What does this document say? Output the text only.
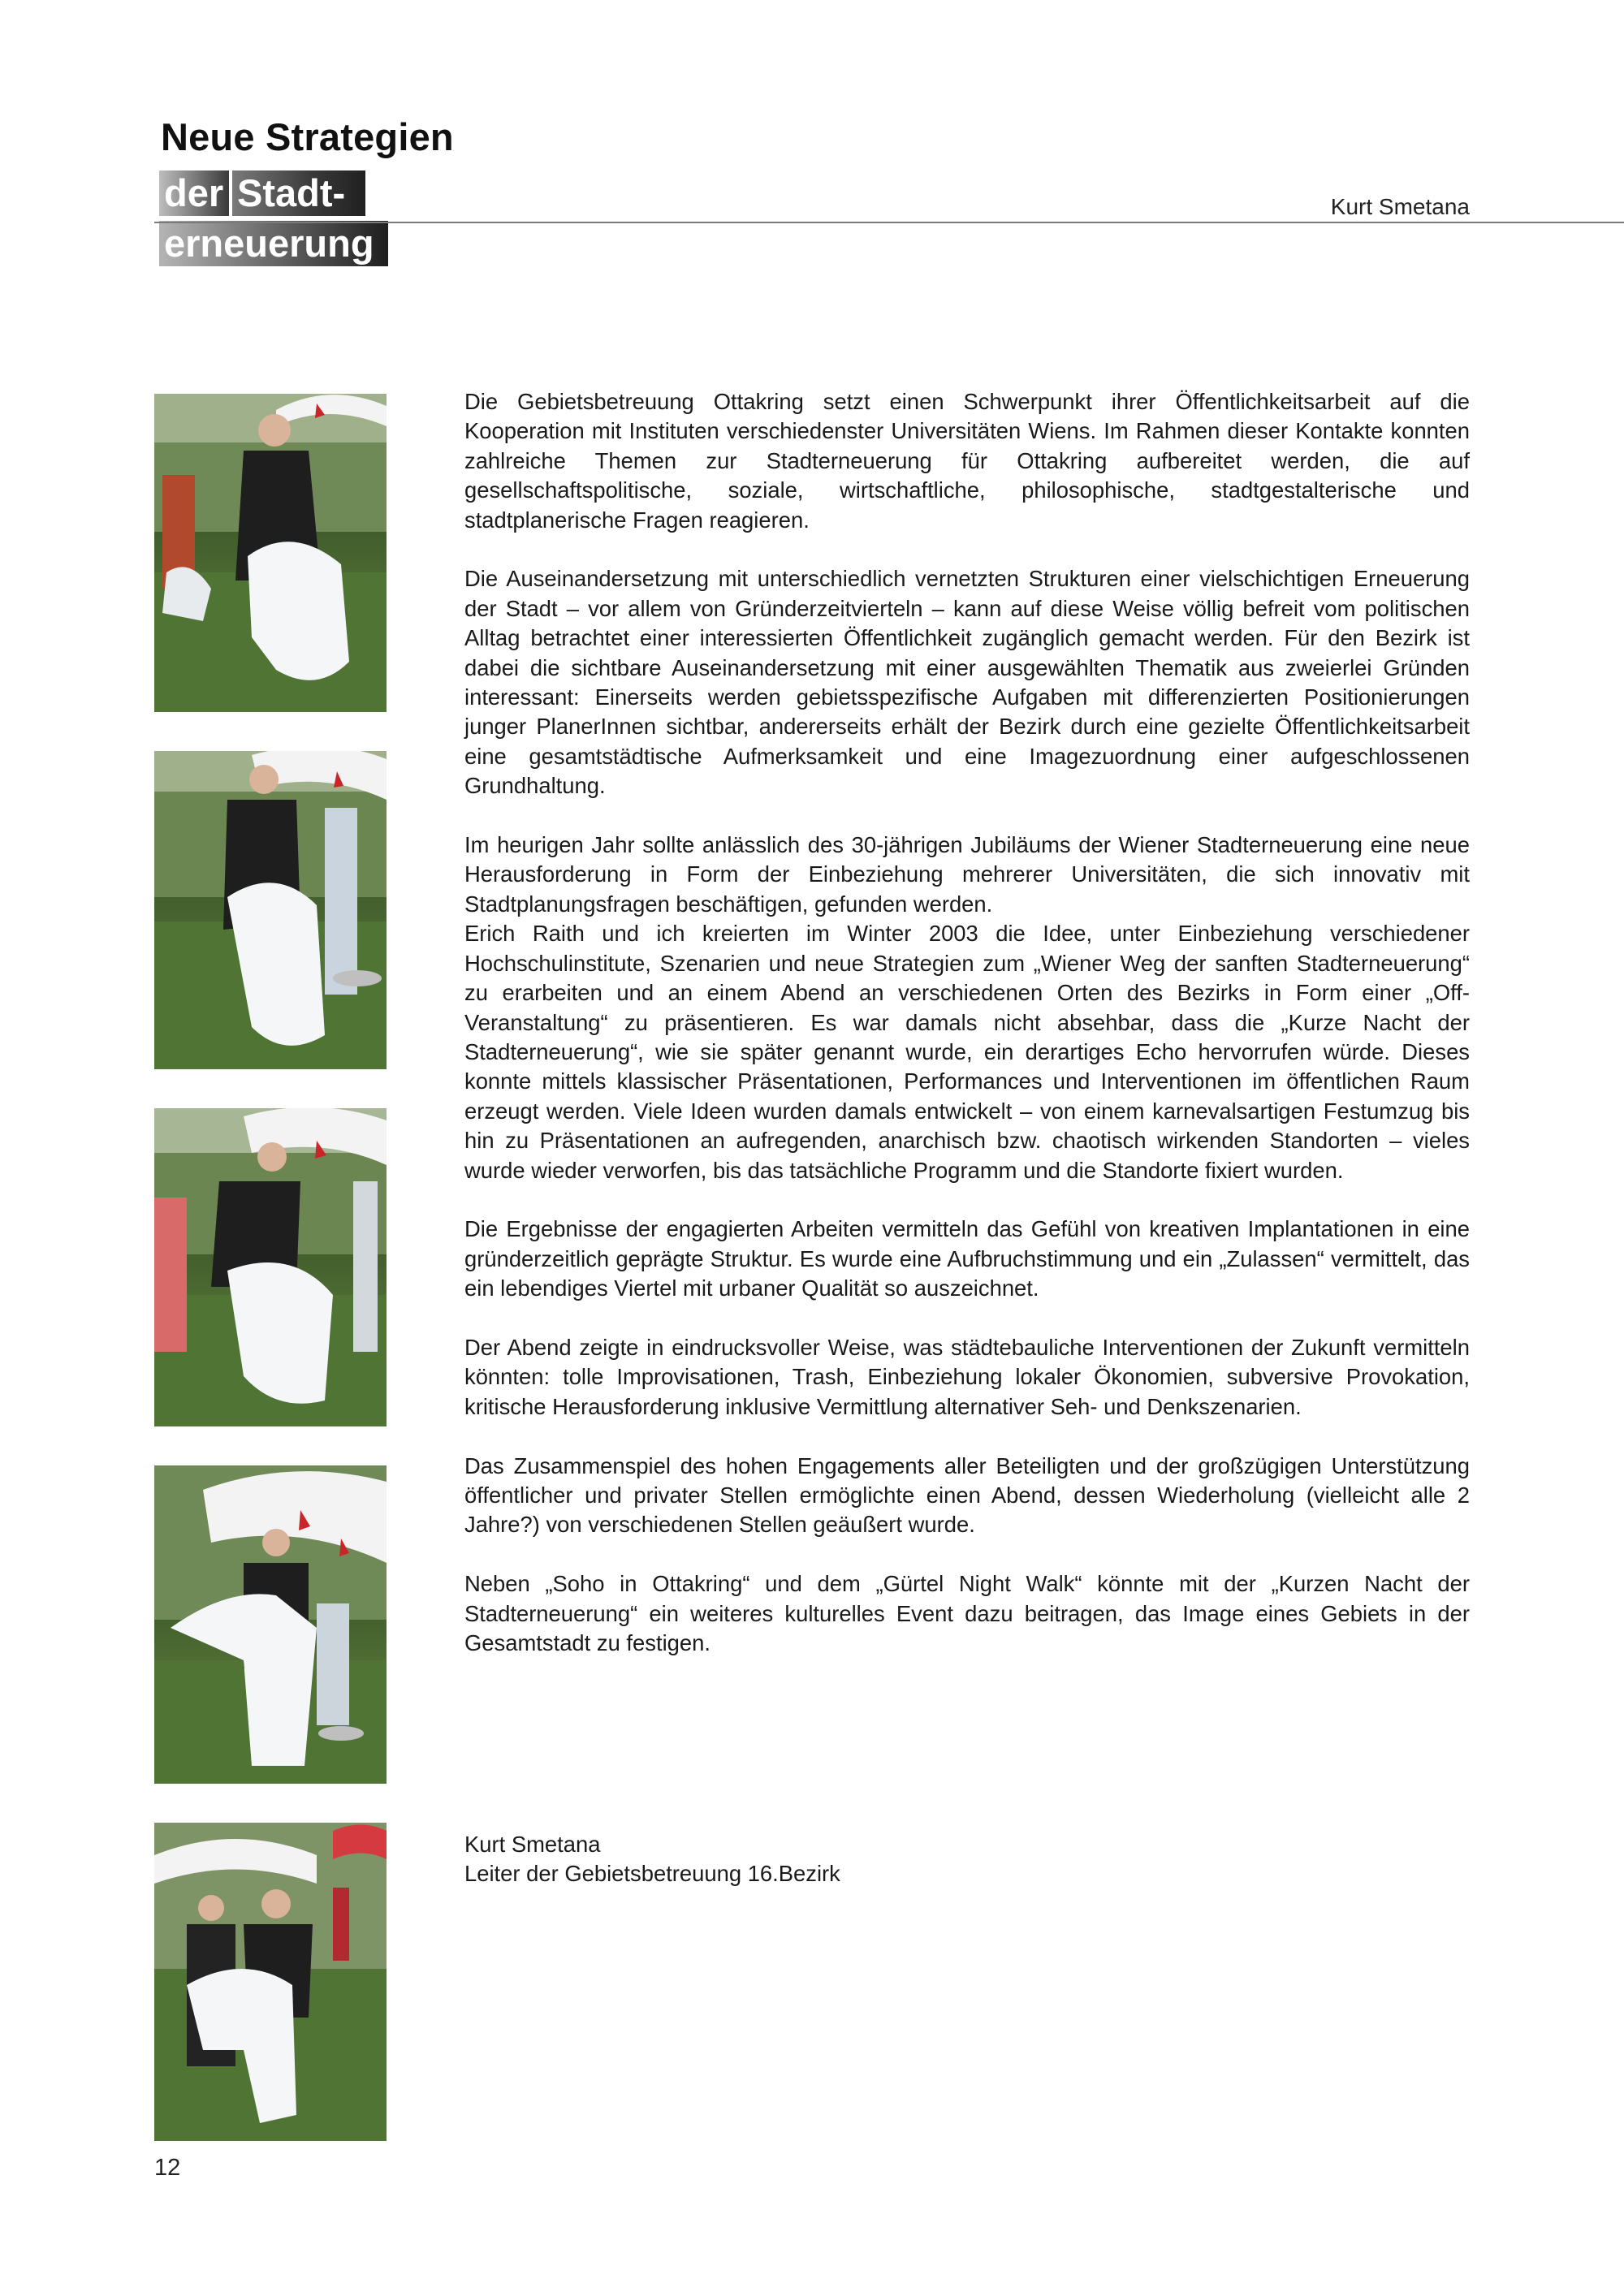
Neue Strategien
der Stadt-
erneuerung
Kurt Smetana

Die Gebietsbetreuung Ottakring setzt einen Schwerpunkt ihrer Öffentlichkeitsarbeit auf die Kooperation mit Instituten verschiedenster Universitäten Wiens. Im Rahmen dieser Kontakte konnten zahlreiche Themen zur Stadterneuerung für Ottakring aufbereitet werden, die auf gesellschaftspolitische, soziale, wirtschaftliche, philosophische, stadtgestalterische und stadtplanerische Fragen reagieren.

Die Auseinandersetzung mit unterschiedlich vernetzten Strukturen einer vielschichtigen Erneuerung der Stadt – vor allem von Gründerzeitvierteln – kann auf diese Weise völlig befreit vom politischen Alltag betrachtet einer interessierten Öffentlichkeit zugänglich gemacht werden. Für den Bezirk ist dabei die sichtbare Auseinandersetzung mit einer ausgewählten Thematik aus zweierlei Gründen interessant: Einerseits werden gebietsspezifische Aufgaben mit differenzierten Positionierungen junger PlanerInnen sichtbar, andererseits erhält der Bezirk durch eine gezielte Öffentlichkeitsarbeit eine gesamtstädtische Aufmerksamkeit und eine Imagezuordnung einer aufgeschlossenen Grundhaltung.

Im heurigen Jahr sollte anlässlich des 30-jährigen Jubiläums der Wiener Stadterneuerung eine neue Herausforderung in Form der Einbeziehung mehrerer Universitäten, die sich innovativ mit Stadtplanungsfragen beschäftigen, gefunden werden.

Erich Raith und ich kreierten im Winter 2003 die Idee, unter Einbeziehung verschiedener Hochschulinstitute, Szenarien und neue Strategien zum „Wiener Weg der sanften Stadterneuerung“ zu erarbeiten und an einem Abend an verschiedenen Orten des Bezirks in Form einer „Off-Veranstaltung“ zu präsentieren. Es war damals nicht absehbar, dass die „Kurze Nacht der Stadterneuerung“, wie sie später genannt wurde, ein derartiges Echo hervorrufen würde. Dieses konnte mittels klassischer Präsentationen, Performances und Interventionen im öffentlichen Raum erzeugt werden. Viele Ideen wurden damals entwickelt – von einem karnevalsartigen Festumzug bis hin zu Präsentationen an aufregenden, anarchisch bzw. chaotisch wirkenden Standorten – vieles wurde wieder verworfen, bis das tatsächliche Programm und die Standorte fixiert wurden.

Die Ergebnisse der engagierten Arbeiten vermitteln das Gefühl von kreativen Implantationen in eine gründerzeitlich geprägte Struktur. Es wurde eine Aufbruchstimmung und ein „Zulassen“ vermittelt, das ein lebendiges Viertel mit urbaner Qualität so auszeichnet.

Der Abend zeigte in eindrucksvoller Weise, was städtebauliche Interventionen der Zukunft vermitteln könnten: tolle Improvisationen, Trash, Einbeziehung lokaler Ökonomien, subversive Provokation, kritische Herausforderung inklusive Vermittlung alternativer Seh- und Denkszenarien.

Das Zusammenspiel des hohen Engagements aller Beteiligten und der großzügigen Unterstützung öffentlicher und privater Stellen ermöglichte einen Abend, dessen Wiederholung (vielleicht alle 2 Jahre?) von verschiedenen Stellen geäußert wurde.

Neben „Soho in Ottakring“ und dem „Gürtel Night Walk“ könnte mit der „Kurzen Nacht der Stadterneuerung“ ein weiteres kulturelles Event dazu beitragen, das Image eines Gebiets in der Gesamtstadt zu festigen.

Kurt Smetana
Leiter der Gebietsbetreuung 16.Bezirk
12
